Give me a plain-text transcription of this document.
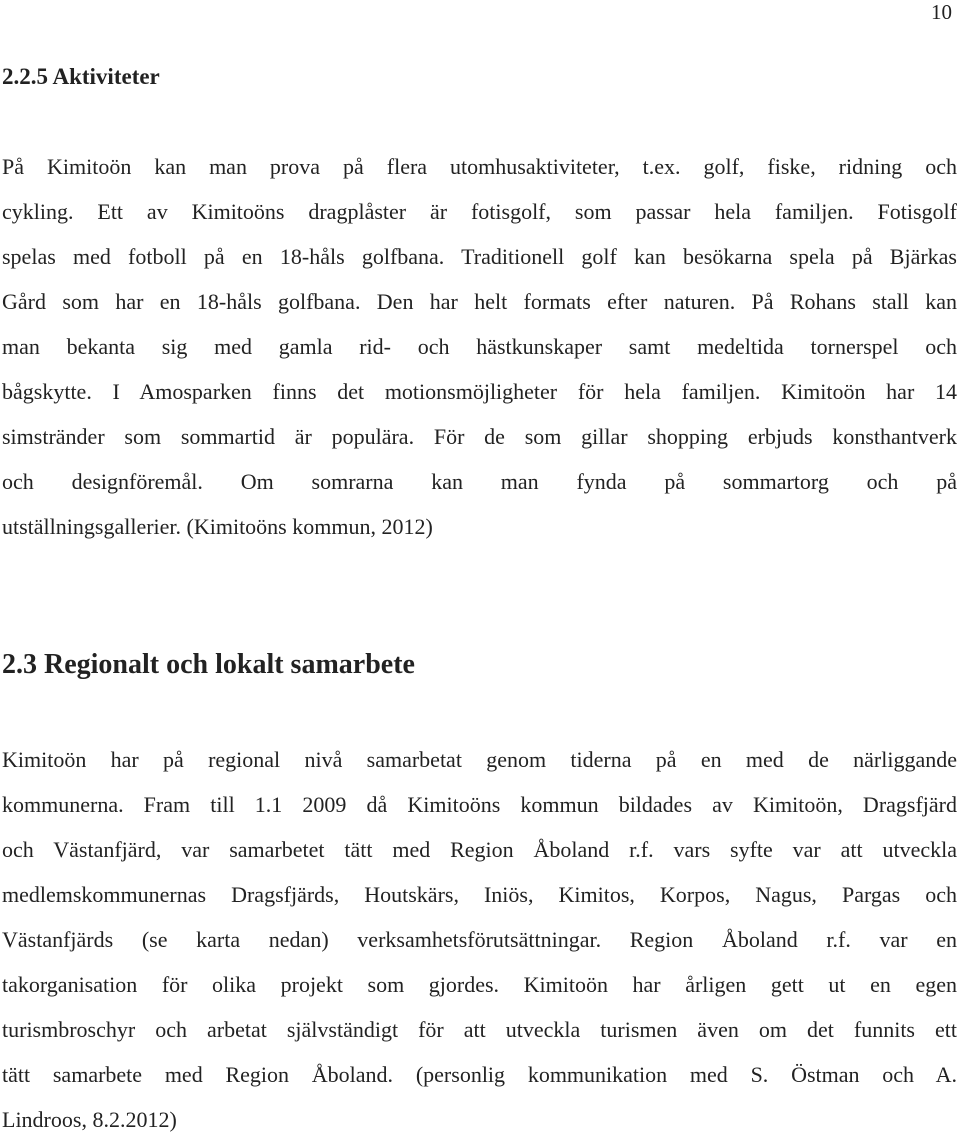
10
2.2.5 Aktiviteter

På Kimitoön kan man prova på flera utomhusaktiviteter, t.ex. golf, fiske, ridning och
cykling. Ett av Kimitoöns dragplåster är fotisgolf, som passar hela familjen. Fotisgolf
spelas med fotboll på en 18-håls golfbana. Traditionell golf kan besökarna spela på Bjärkas
Gård som har en 18-håls golfbana. Den har helt formats efter naturen. På Rohans stall kan
man bekanta sig med gamla rid- och hästkunskaper samt medeltida tornerspel och
bågskytte. I Amosparken finns det motionsmöjligheter för hela familjen. Kimitoön har 14
simstränder som sommartid är populära. För de som gillar shopping erbjuds konsthantverk
och designföremål. Om somrarna kan man fynda på sommartorg och på
utställningsgallerier. (Kimitoöns kommun, 2012)

2.3 Regionalt och lokalt samarbete

Kimitoön har på regional nivå samarbetat genom tiderna på en med de närliggande
kommunerna. Fram till 1.1 2009 då Kimitoöns kommun bildades av Kimitoön, Dragsfjärd
och Västanfjärd, var samarbetet tätt med Region Åboland r.f. vars syfte var att utveckla
medlemskommunernas Dragsfjärds, Houtskärs, Iniös, Kimitos, Korpos, Nagus, Pargas och
Västanfjärds (se karta nedan) verksamhetsförutsättningar. Region Åboland r.f. var en
takorganisation för olika projekt som gjordes. Kimitoön har årligen gett ut en egen
turismbroschyr och arbetat självständigt för att utveckla turismen även om det funnits ett
tätt samarbete med Region Åboland. (personlig kommunikation med S. Östman och A.
Lindroos, 8.2.2012)
